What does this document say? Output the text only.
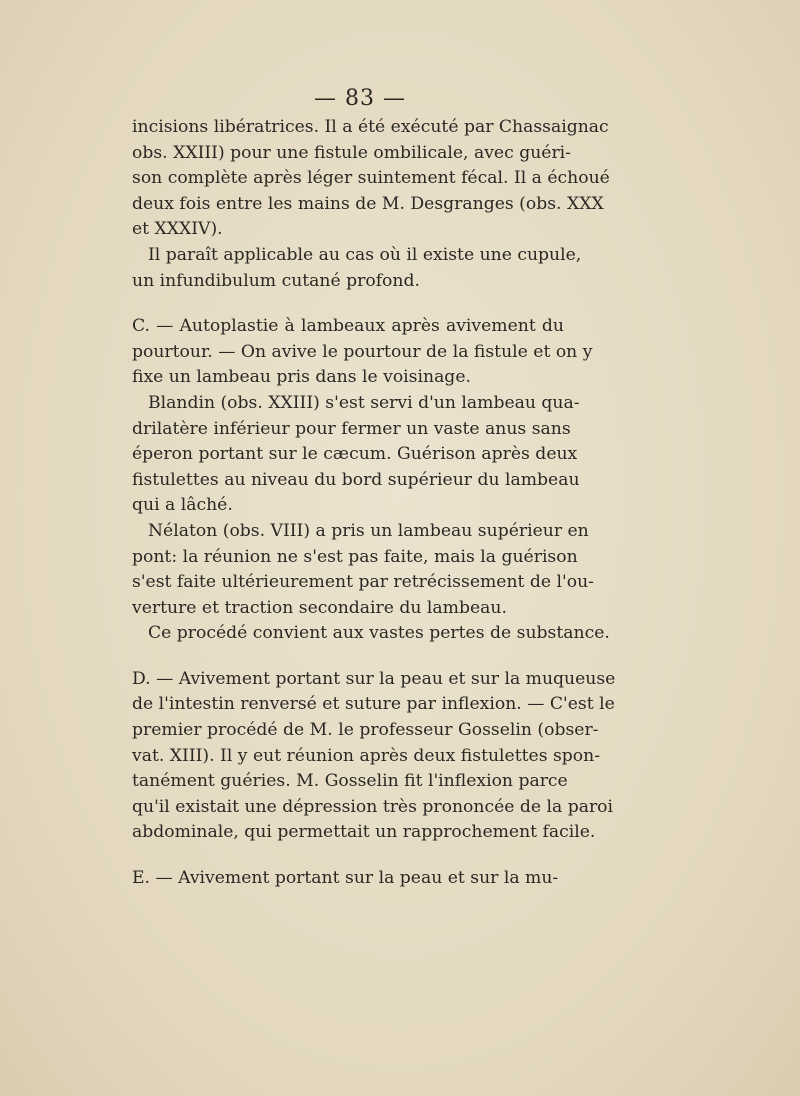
— 83 —
incisions libératrices. Il a été exécuté par Chassaignac
obs. XXIII) pour une fistule ombilicale, avec guéri-
son complète après léger suintement fécal. Il a échoué
deux fois entre les mains de M. Desgranges (obs. XXX
et XXXIV).
Il paraît applicable au cas où il existe une cupule,
un infundibulum cutané profond.
C. — Autoplastie à lambeaux après avivement du
pourtour. — On avive le pourtour de la fistule et on y
fixe un lambeau pris dans le voisinage.
Blandin (obs. XXIII) s'est servi d'un lambeau qua-
drilatère inférieur pour fermer un vaste anus sans
éperon portant sur le cæcum. Guérison après deux
fistulettes au niveau du bord supérieur du lambeau
qui a lâché.
Nélaton (obs. VIII) a pris un lambeau supérieur en
pont: la réunion ne s'est pas faite, mais la guérison
s'est faite ultérieurement par retrécissement de l'ou-
verture et traction secondaire du lambeau.
Ce procédé convient aux vastes pertes de substance.
D. — Avivement portant sur la peau et sur la muqueuse
de l'intestin renversé et suture par inflexion. — C'est le
premier procédé de M. le professeur Gosselin (obser-
vat. XIII). Il y eut réunion après deux fistulettes spon-
tanément guéries. M. Gosselin fit l'inflexion parce
qu'il existait une dépression très prononcée de la paroi
abdominale, qui permettait un rapprochement facile.
E. — Avivement portant sur la peau et sur la mu-
